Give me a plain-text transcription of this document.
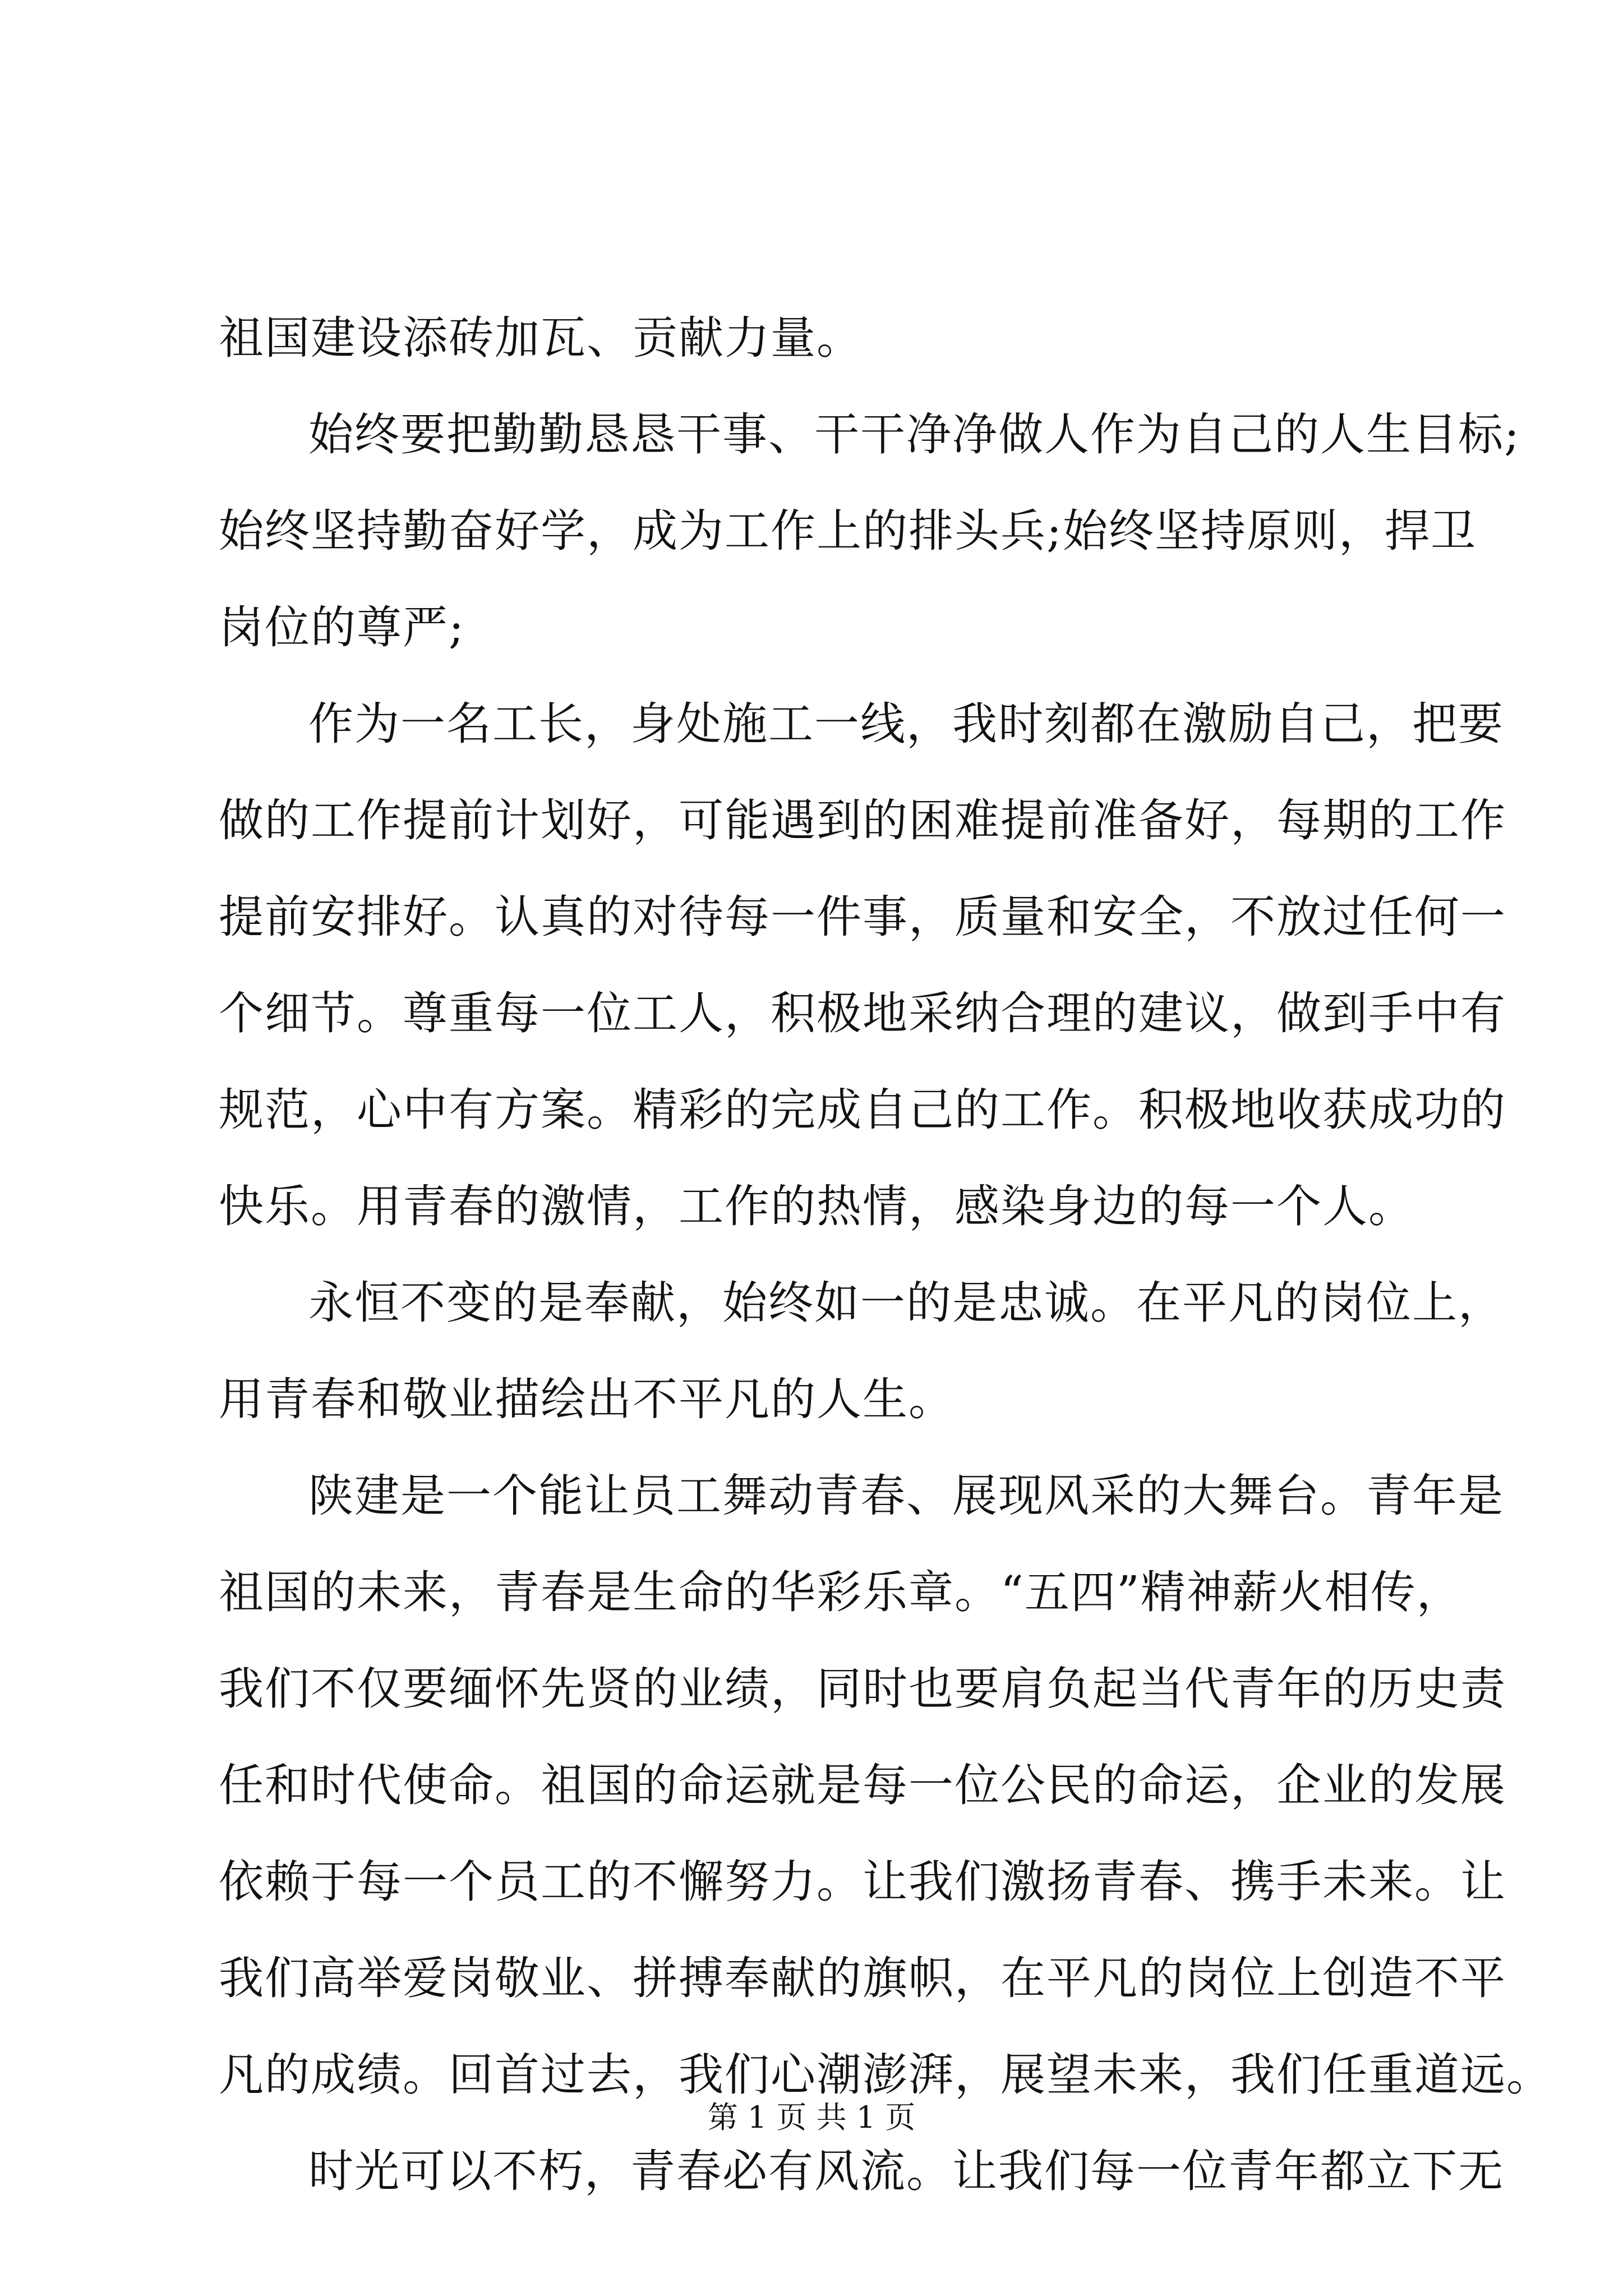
祖国建设添砖加瓦、贡献力量。
始终要把勤勤恳恳干事、干干净净做人作为自己的人生目标;
始终坚持勤奋好学，成为工作上的排头兵;始终坚持原则，捍卫
岗位的尊严;
作为一名工长，身处施工一线，我时刻都在激励自己，把要
做的工作提前计划好，可能遇到的困难提前准备好，每期的工作
提前安排好。认真的对待每一件事，质量和安全，不放过任何一
个细节。尊重每一位工人，积极地采纳合理的建议，做到手中有
规范，心中有方案。精彩的完成自己的工作。积极地收获成功的
快乐。用青春的激情，工作的热情，感染身边的每一个人。
永恒不变的是奉献，始终如一的是忠诚。在平凡的岗位上，
用青春和敬业描绘出不平凡的人生。
陕建是一个能让员工舞动青春、展现风采的大舞台。青年是
祖国的未来，青春是生命的华彩乐章。“五四”精神薪火相传，
我们不仅要缅怀先贤的业绩，同时也要肩负起当代青年的历史责
任和时代使命。祖国的命运就是每一位公民的命运，企业的发展
依赖于每一个员工的不懈努力。让我们激扬青春、携手未来。让
我们高举爱岗敬业、拼搏奉献的旗帜，在平凡的岗位上创造不平
凡的成绩。回首过去，我们心潮澎湃，展望未来，我们任重道远。
时光可以不朽，青春必有风流。让我们每一位青年都立下无
第 1 页 共 1 页
